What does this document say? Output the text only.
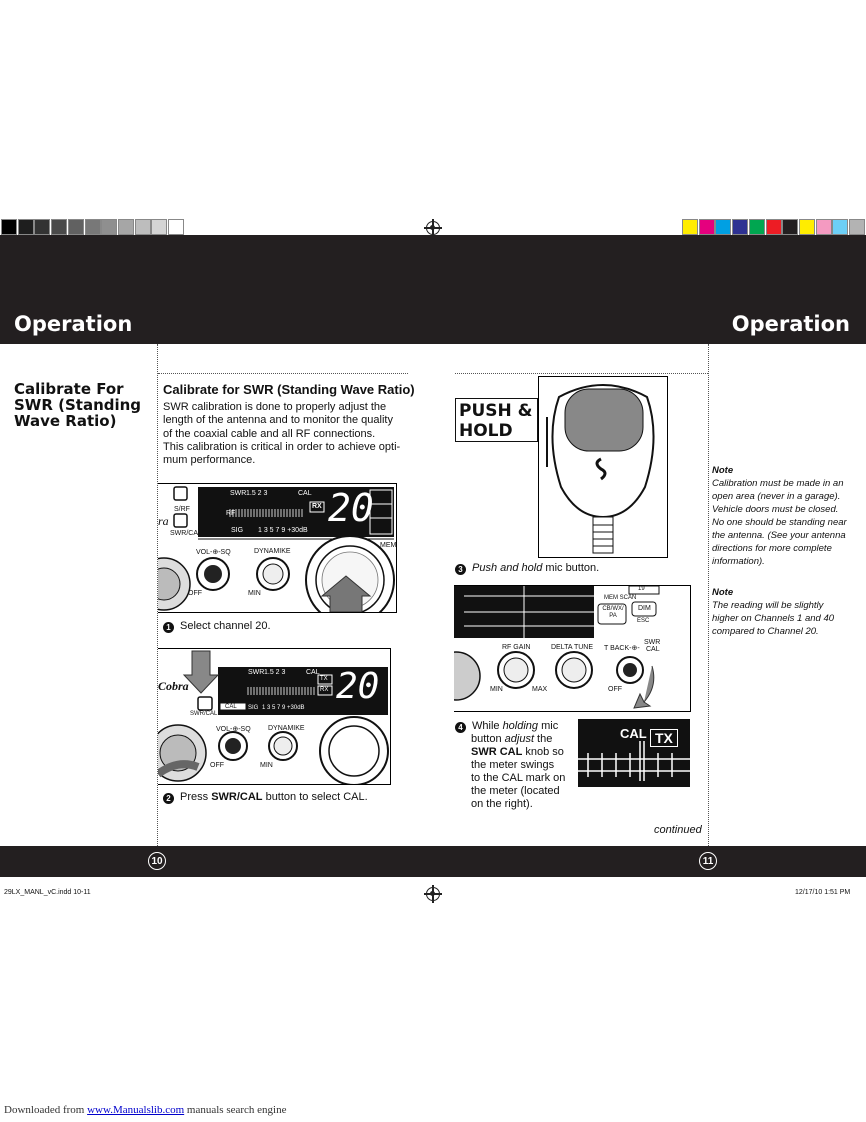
Operation	Operation
Calibrate For SWR (Standing Wave Ratio)
Calibrate for SWR (Standing Wave Ratio)
SWR calibration is done to properly adjust the
length of the antenna and to monitor the quality
of the coaxial cable and all RF connections.
This calibration is critical in order to achieve opti-
mum performance.
S/RF
SWR/CAL
ra
SWR 1.5 2 3	CAL
RF
SIG 1 3 5 7 9 +30dB
RX 20
VOL-⊕-SQ	DYNAMIKE
OFF	MIN
MEM
1 Select channel 20.
Cobra
SWR/CAL
CAL
SWR 1.5 2 3	CAL
TX
RX
SIG 1 3 5 7 9 +30dB
20
VOL-⊕-SQ DYNAMIKE
OFF	MIN
2 Press SWR/CAL button to select CAL.
PUSH &
HOLD
3 Push and hold mic button.
MEM SCAN
CB/WX/ PA
DIM
ESC
19
RF GAIN	DELTA TUNE T BACK-⊕-
SWR
CAL
MIN	MAX	OFF
4 While holding mic
button adjust the
SWR CAL knob so
the meter swings
to the CAL mark on
the meter (located
on the right).
CAL TX
Note
Calibration must be made in an
open area (never in a garage).
Vehicle doors must be closed.
No one should be standing near
the antenna. (See your antenna
directions for more complete
information).
Note
The reading will be slightly
higher on Channels 1 and 40
compared to Channel 20.
continued
10	11
29LX_MANL_vC.indd 10-11	12/17/10 1:51 PM
Downloaded from www.Manualslib.com manuals search engine
